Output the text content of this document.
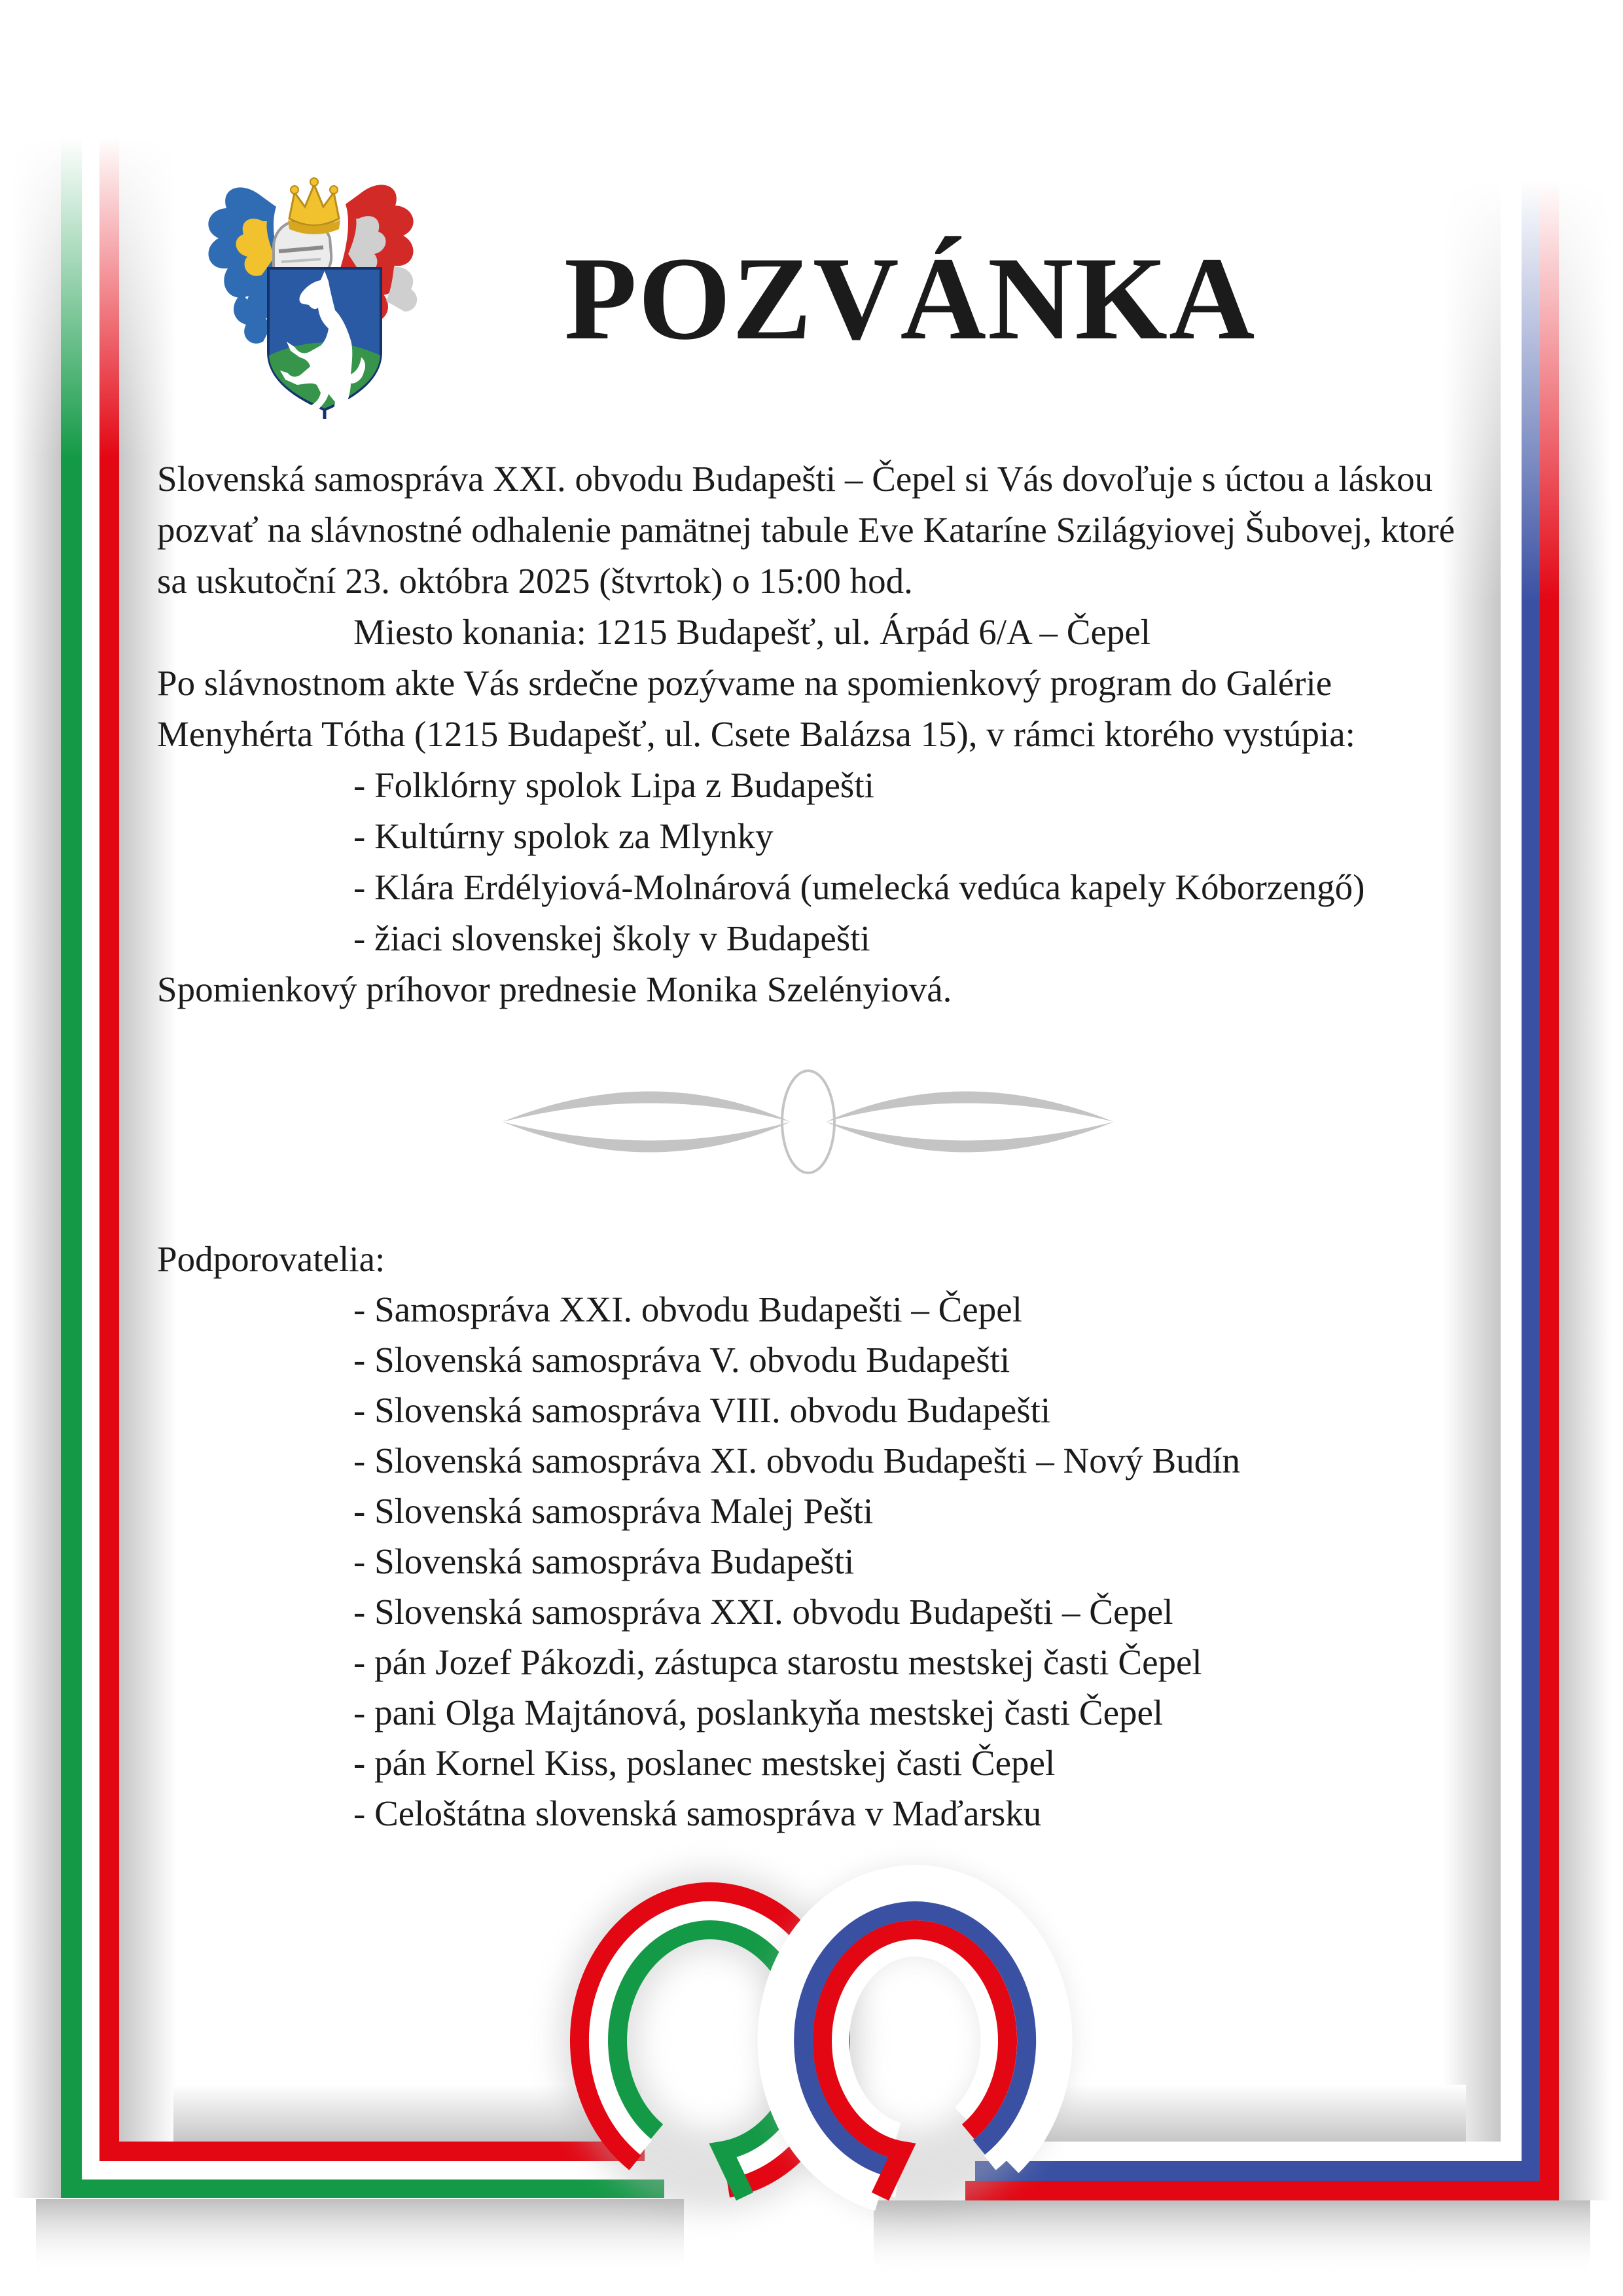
POZVÁNKA
Slovenská samospráva XXI. obvodu Budapešti – Čepel si Vás dovoľuje s úctou a láskou
pozvať na slávnostné odhalenie pamätnej tabule Eve Kataríne Szilágyiovej Šubovej, ktoré
sa uskutoční 23. októbra 2025 (štvrtok) o 15:00 hod.
Miesto konania: 1215 Budapešť, ul. Árpád 6/A – Čepel
Po slávnostnom akte Vás srdečne pozývame na spomienkový program do Galérie
Menyhérta Tótha (1215 Budapešť, ul. Csete Balázsa 15), v rámci ktorého vystúpia:
- Folklórny spolok Lipa z Budapešti
- Kultúrny spolok za Mlynky
- Klára Erdélyiová-Molnárová (umelecká vedúca kapely Kóborzengő)
- žiaci slovenskej školy v Budapešti
Spomienkový príhovor prednesie Monika Szelényiová.
Podporovatelia:
- Samospráva XXI. obvodu Budapešti – Čepel
- Slovenská samospráva V. obvodu Budapešti
- Slovenská samospráva VIII. obvodu Budapešti
- Slovenská samospráva XI. obvodu Budapešti – Nový Budín
- Slovenská samospráva Malej Pešti
- Slovenská samospráva Budapešti
- Slovenská samospráva XXI. obvodu Budapešti – Čepel
- pán Jozef Pákozdi, zástupca starostu mestskej časti Čepel
- pani Olga Majtánová, poslankyňa mestskej časti Čepel
- pán Kornel Kiss, poslanec mestskej časti Čepel
- Celoštátna slovenská samospráva v Maďarsku
